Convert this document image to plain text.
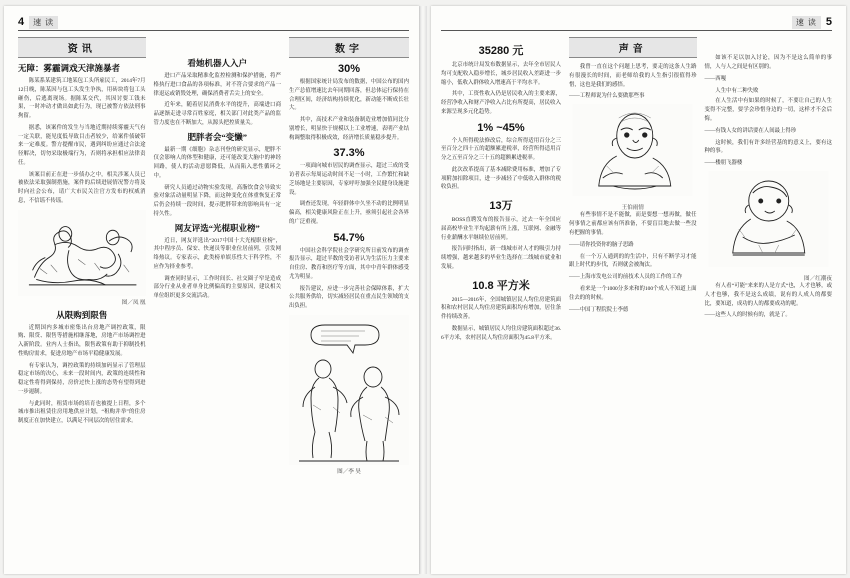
4	速 读
资讯
无障：雾霾调戏天津施暴者

陈某系某建筑工地某包工头所雇民工，2014年7月12日晚，陈某因与包工头发生争执，用砖块将包工头砸伤，后逃离现场。据陈某交代，其因讨要工钱未果，一时冲动才做出如此行为，现已被警方依法刑事拘留。

据悉，该案件的发生与当地近期持续雾霾天气有一定关联，能见度低导致目击者较少，给案件侦破带来一定难度。警方提醒市民，遇到纠纷应通过合法途径解决，切勿采取极端行为，否则将承担相应法律责任。

该案目前正在进一步侦办之中，相关涉案人员已被依法采取强制措施，案件的后续进展情况警方将及时向社会公布，请广大市民关注官方发布的权威消息，不信谣不传谣。

图／凤 凰
从限购到限售

近期国内多城市密集出台房地产调控政策，限购、限贷、限售等措施相继落地，房地产市场调控进入新阶段。业内人士指出，限售政策有助于抑制投机性购房需求，促进房地产市场平稳健康发展。

有专家认为，调控政策的持续加码显示了管理层稳定市场的决心，未来一段时间内，政策的连续性和稳定性将得到保持，房价过快上涨的态势有望得到进一步遏制。

与此同时，租赁市场的培育也被提上日程，多个城市推出租赁住房用地供应计划，“租购并举”的住房制度正在加快建立，以满足不同层次的居住需求。

看她机器人入户

进口产品采取精准化监控检测和保护措施，将严格执行进口食品的各项标准，对不符合要求的产品一律退运或销毁处理，确保消费者舌尖上的安全。

近年来，随着居民消费水平的提升，高端进口商品逐渐走进寻常百姓家庭，相关部门对此类产品的监管力度也在不断加大，从源头把控质量关。

肥胖者会“变懒”

最新一期《细胞》杂志刊登的研究显示，肥胖不仅会影响人的体型和健康，还可能改变大脑中的神经回路，使人的活动意愿降低，从而陷入恶性循环之中。

研究人员通过动物实验发现，高脂饮食会导致实验对象活动量明显下降，而这种变化在体重恢复正常后仍会持续一段时间，提示肥胖带来的影响具有一定持久性。

网友评选“光棍职业榜”

近日，网友评选出“2017中国十大光棍职业榜”，其中程序员、保安、快递员等职业位居前列，引发网络热议。专家表示，此类榜单娱乐性大于科学性，不应作为择业参考。

调查同时显示，工作时间长、社交圈子窄是造成部分行业从业者单身比例偏高的主要原因，建议相关单位组织更多交流活动。

数字
30%

根据国家统计局发布的数据，中国公布的国内生产总值增速比去年同期回落，但总体运行保持在合理区间，经济结构持续优化，新动能不断成长壮大。

其中，高技术产业和装备制造业增加值同比分别增长，明显快于规模以上工业增速，表明产业结构调整取得积极成效，经济增长质量稳步提升。

37.3%

一项面向城市居民的调查显示，超过三成的受访者表示每周运动时间不足一小时，工作繁忙和缺乏场地是主要原因，专家呼吁加强全民健身设施建设。

调查还发现，年轻群体中久坐不动的比例明显偏高，相关健康风险正在上升，亟须引起社会各界的广泛重视。

54.7%

中国社会科学院社会学研究所日前发布的调查报告显示，超过半数的受访者认为生活压力主要来自住房、教育和医疗等方面，其中中青年群体感受尤为明显。

报告建议，应进一步完善社会保障体系，扩大公共服务供给，切实减轻居民在重点民生领域的支出负担。

图／李 昊
速 读 5
35280 元

北京市统计局发布数据显示，去年全市居民人均可支配收入稳步增长，城乡居民收入差距进一步缩小，低收入群体收入增速高于平均水平。

其中，工资性收入仍是居民收入的主要来源，经营净收入和财产净收入占比有所提高，居民收入来源呈现多元化趋势。

1% ~45%

个人所得税法修改后，综合所得适用百分之三至百分之四十五的超额累进税率，经营所得适用百分之五至百分之三十五的超额累进税率。

此次改革提高了基本减除费用标准，增加了专项附加扣除项目，进一步减轻了中低收入群体的税收负担。

13万

BOSS直聘发布的报告显示，过去一年全国应届高校毕业生平均起薪有所上涨，互联网、金融等行业薪酬水平继续位居前列。

报告同时指出，新一线城市对人才的吸引力持续增强，越来越多的毕业生选择在二线城市就业和发展。

10.8 平方米

2015—2016年，全国城镇居民人均住房建筑面积和农村居民人均住房建筑面积均有增加，居住条件持续改善。

数据显示，城镇居民人均住房建筑面积超过36.6平方米，农村居民人均住房面积为45.8平方米。

声音

我曾一直在这个问题上思考，要走的这条人生路有很漫长的时间，而老师给我的人生指引很值得珍惜，这也是我们的感悟。

——工程师说为什么要做那些事
王伯雨情

有些事情不是不能做，而是要想一想再做，做任何事情之前都应该有所准备，不要盲目地去做一些没有把握的事情。

——请你投资你的脑子思路

在一个万人通到的的生活中，只有不断学习才能跟上时代的步伐，否则就会被淘汰。

——上海市发电公司的前技术人员的工作的工作

看来是一个1000分多来和的100个成人不知道上面住去的的时候。

——中国丁程院院士李德

如该不足以加入讨论，因为不是这么简单的事情，人与人之间是有区别的。

——西嘎

人生中有二种失败

在人生活中有如果的时候了，不要让自己的人生变得不完整，要学会珍惜身边的一切，这样才不会后悔。

——有钱人女的讲话要在人间最上得珍

这时候，我们有许多经营基的的意义上，要有这种的事。

——楼朋飞器楼
图／红潮夜

有人看“可能”来来的人是方式“也，人才也够，或人才也够，我不是这么成绩，说有的人成人的都要比，要知道，成功的人的都要成功的呢。

——这些人人的时候有的，就是了。
